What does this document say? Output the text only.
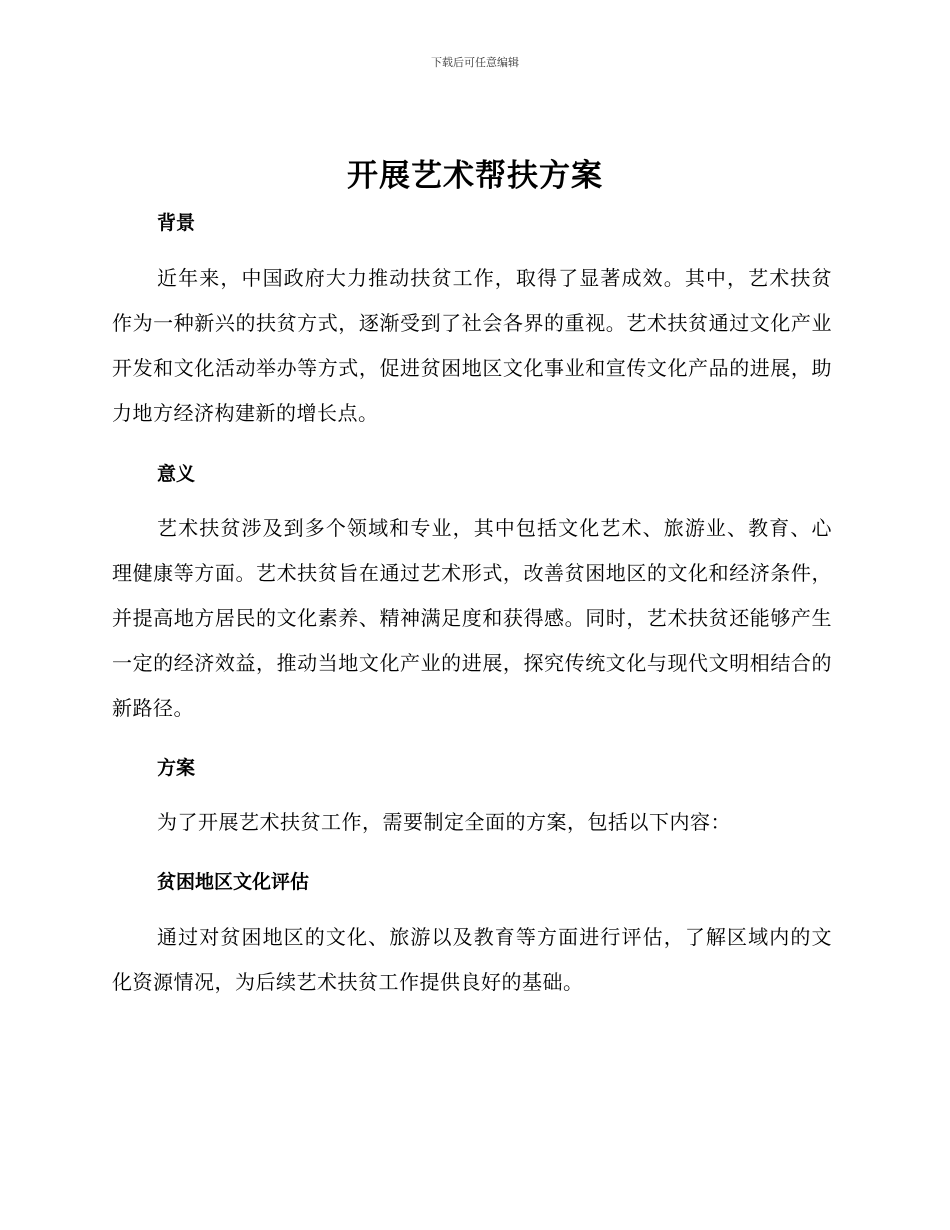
下载后可任意编辑
开展艺术帮扶方案
背景
近年来，中国政府大力推动扶贫工作，取得了显著成效。其中，艺术扶贫作为一种新兴的扶贫方式，逐渐受到了社会各界的重视。艺术扶贫通过文化产业开发和文化活动举办等方式，促进贫困地区文化事业和宣传文化产品的进展，助力地方经济构建新的增长点。
意义
艺术扶贫涉及到多个领域和专业，其中包括文化艺术、旅游业、教育、心理健康等方面。艺术扶贫旨在通过艺术形式，改善贫困地区的文化和经济条件，并提高地方居民的文化素养、精神满足度和获得感。同时，艺术扶贫还能够产生一定的经济效益，推动当地文化产业的进展，探究传统文化与现代文明相结合的新路径。
方案
为了开展艺术扶贫工作，需要制定全面的方案，包括以下内容：
贫困地区文化评估
通过对贫困地区的文化、旅游以及教育等方面进行评估，了解区域内的文化资源情况，为后续艺术扶贫工作提供良好的基础。
